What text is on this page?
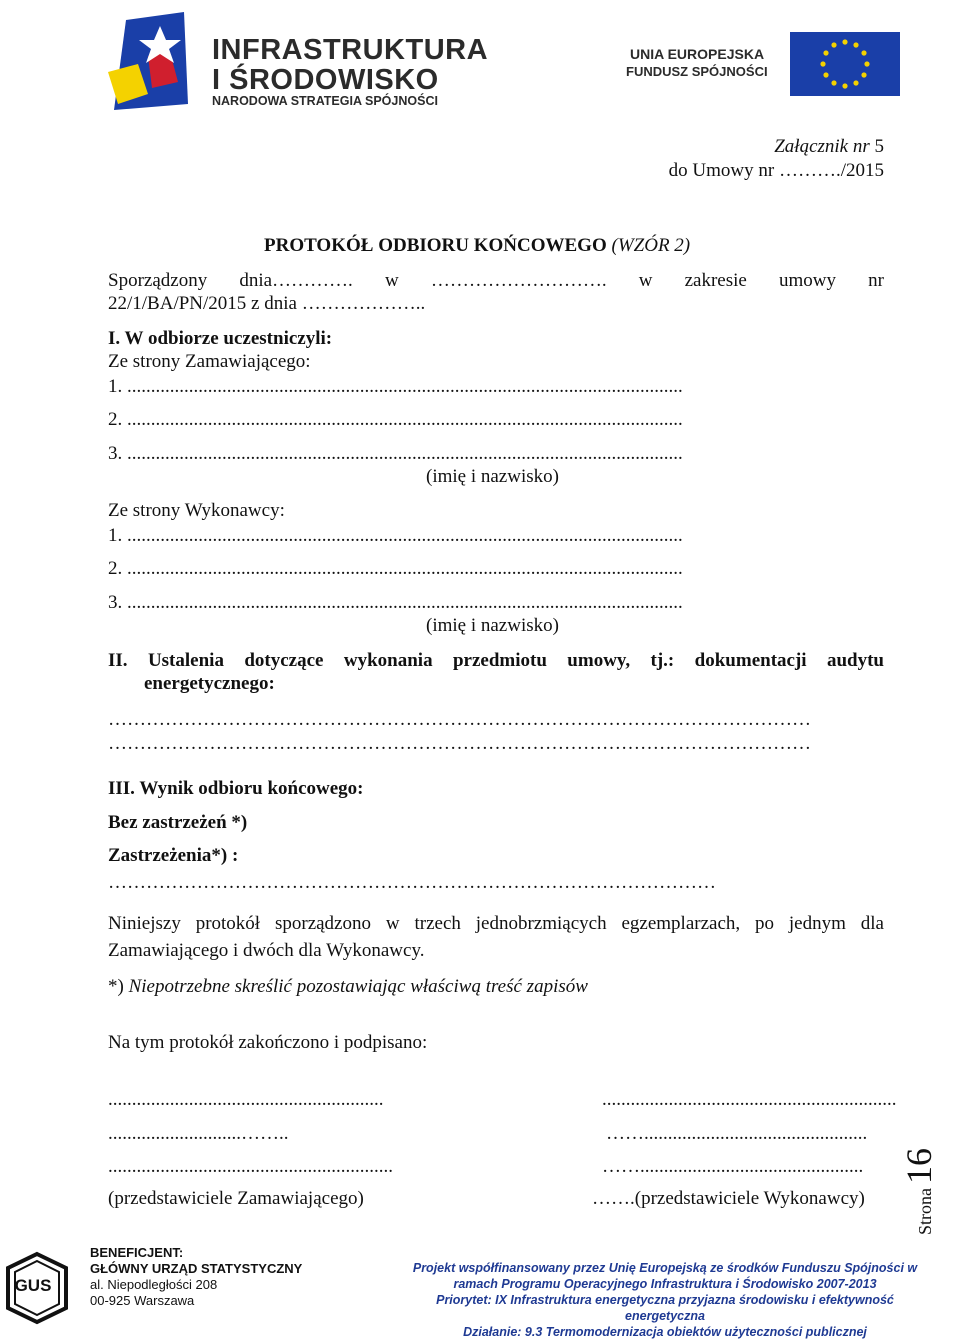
INFRASTRUKTURA
I ŚRODOWISKO
NARODOWA STRATEGIA SPÓJNOŚCI
UNIA EUROPEJSKA
FUNDUSZ SPÓJNOŚCI
Załącznik nr 5
do Umowy nr ………./2015
PROTOKÓŁ ODBIORU KOŃCOWEGO (WZÓR 2)
Sporządzony dnia…………. w ………………………. w zakresie umowy nr
22/1/BA/PN/2015 z dnia ………………..
I. W odbiorze uczestniczyli:
Ze strony Zamawiającego:
1. .....................................................................................................................
2. .....................................................................................................................
3. .....................................................................................................................
(imię i nazwisko)
Ze strony Wykonawcy:
1. .....................................................................................................................
2. .....................................................................................................................
3. .....................................................................................................................
(imię i nazwisko)
II. Ustalenia dotyczące wykonania przedmiotu umowy, tj.: dokumentacji audytu
energetycznego:
…………………………………………………………………………………………………
…………………………………………………………………………………………………
III. Wynik odbioru końcowego:
Bez zastrzeżeń *)
Zastrzeżenia*) :
……………………………………………………………………………………
Niniejszy protokół sporządzono w trzech jednobrzmiących egzemplarzach, po jednym dla
Zamawiającego i dwóch dla Wykonawcy.
*) Niepotrzebne skreślić pozostawiając właściwą treść zapisów
Na tym protokół zakończono i podpisano:
..........................................................
............................……..
............................................................
(przedstawiciele Zamawiającego)
..............................................................
……...............................................
……...............................................
…….(przedstawiciele Wykonawcy)	Strona 16
GUS
BENEFICJENT:
GŁÓWNY URZĄD STATYSTYCZNY
al. Niepodległości 208
00-925 Warszawa
Projekt współfinansowany przez Unię Europejską ze środków Funduszu Spójności w
ramach Programu Operacyjnego Infrastruktura i Środowisko 2007-2013
Priorytet: IX Infrastruktura energetyczna przyjazna środowisku i efektywność
energetyczna
Działanie: 9.3 Termomodernizacja obiektów użyteczności publicznej
